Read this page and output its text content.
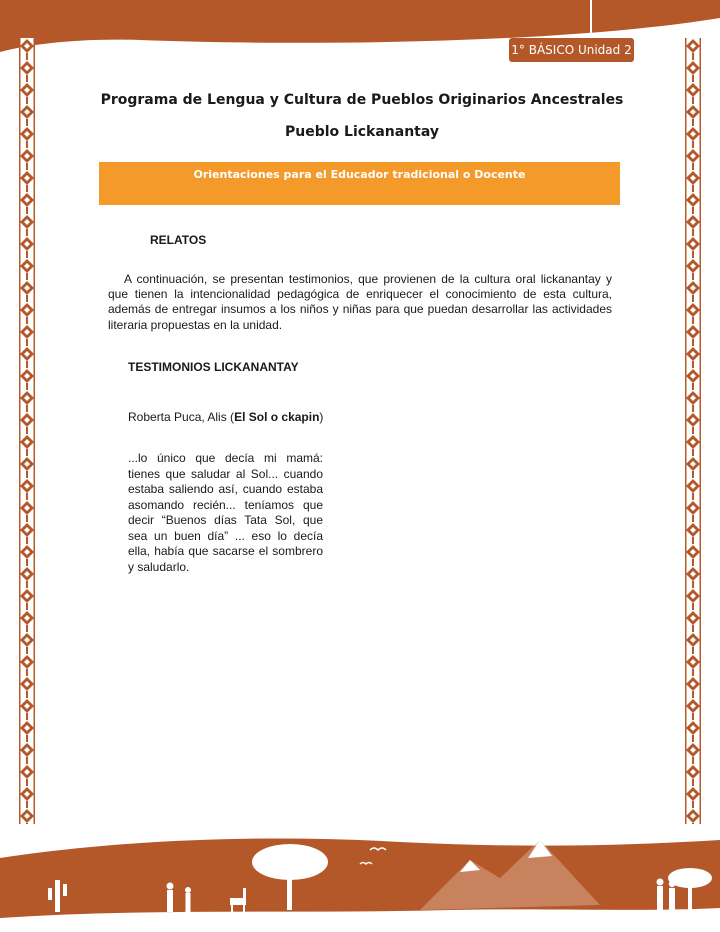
1° BÁSICO Unidad 2
Programa de Lengua y Cultura de Pueblos Originarios Ancestrales
Pueblo Lickanantay
Orientaciones para el Educador tradicional o Docente
RELATOS

A continuación, se presentan testimonios, que provienen de la cultura oral lickanantay y que tienen la intencionalidad pedagógica de enriquecer el conocimiento de esta cultura, además de entregar insumos a los niños y niñas para que puedan desarrollar las actividades literaria propuestas en la unidad.

TESTIMONIOS LICKANANTAY
Roberta Puca, Alis (El Sol o ckapin)

...lo único que decía mi mamá: tienes que saludar al Sol... cuando estaba saliendo así, cuando estaba asomando recién... teníamos que decir “Buenos días Tata Sol, que sea un buen día” ... eso lo decía ella, había que sacarse el sombrero y saludarlo.
